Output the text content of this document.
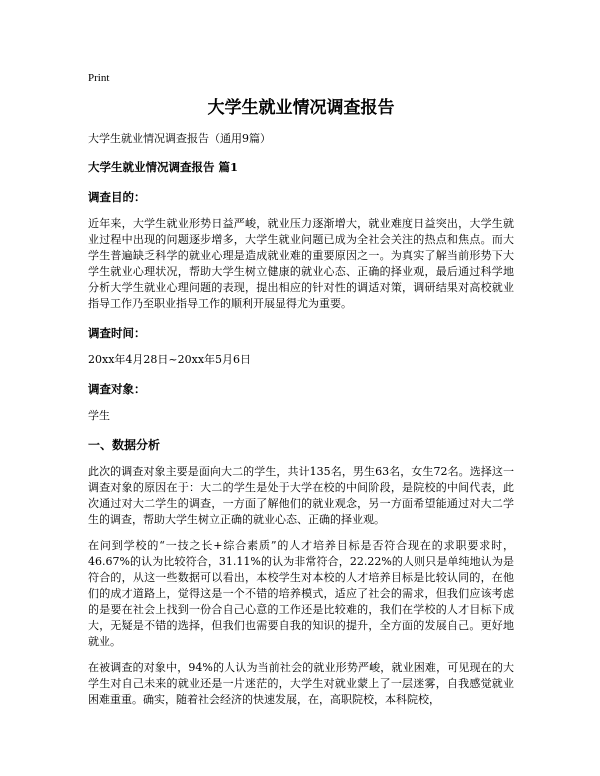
Print

大学生就业情况调查报告

大学生就业情况调查报告（通用9篇）

大学生就业情况调查报告 篇1

调查目的：

近年来，大学生就业形势日益严峻，就业压力逐渐增大，就业难度日益突出，大学生就业过程中出现的问题逐步增多，大学生就业问题已成为全社会关注的热点和焦点。而大学生普遍缺乏科学的就业心理是造成就业难的重要原因之一。为真实了解当前形势下大学生就业心理状况，帮助大学生树立健康的就业心态、正确的择业观，最后通过科学地分析大学生就业心理问题的表现，提出相应的针对性的调适对策，调研结果对高校就业指导工作乃至职业指导工作的顺利开展显得尤为重要。

调查时间：

20xx年4月28日~20xx年5月6日

调查对象：

学生

一、数据分析

此次的调查对象主要是面向大二的学生，共计135名，男生63名，女生72名。选择这一调查对象的原因在于：大二的学生是处于大学在校的中间阶段，是院校的中间代表，此次通过对大二学生的调查，一方面了解他们的就业观念，另一方面希望能通过对大二学生的调查，帮助大学生树立正确的就业心态、正确的择业观。

在问到学校的“一技之长+综合素质”的人才培养目标是否符合现在的求职要求时，46.67%的认为比较符合，31.11%的认为非常符合，22.22%的人则只是单纯地认为是符合的，从这一些数据可以看出，本校学生对本校的人才培养目标是比较认同的，在他们的成才道路上，觉得这是一个不错的培养模式，适应了社会的需求，但我们应该考虑的是要在社会上找到一份合自己心意的工作还是比较难的，我们在学校的人才目标下成大，无疑是不错的选择，但我们也需要自我的知识的提升，全方面的发展自己。更好地就业。

在被调查的对象中，94%的人认为当前社会的就业形势严峻，就业困难，可见现在的大学生对自己未来的就业还是一片迷茫的，大学生对就业蒙上了一层迷雾，自我感觉就业困难重重。确实，随着社会经济的快速发展，在，高职院校，本科院校，
